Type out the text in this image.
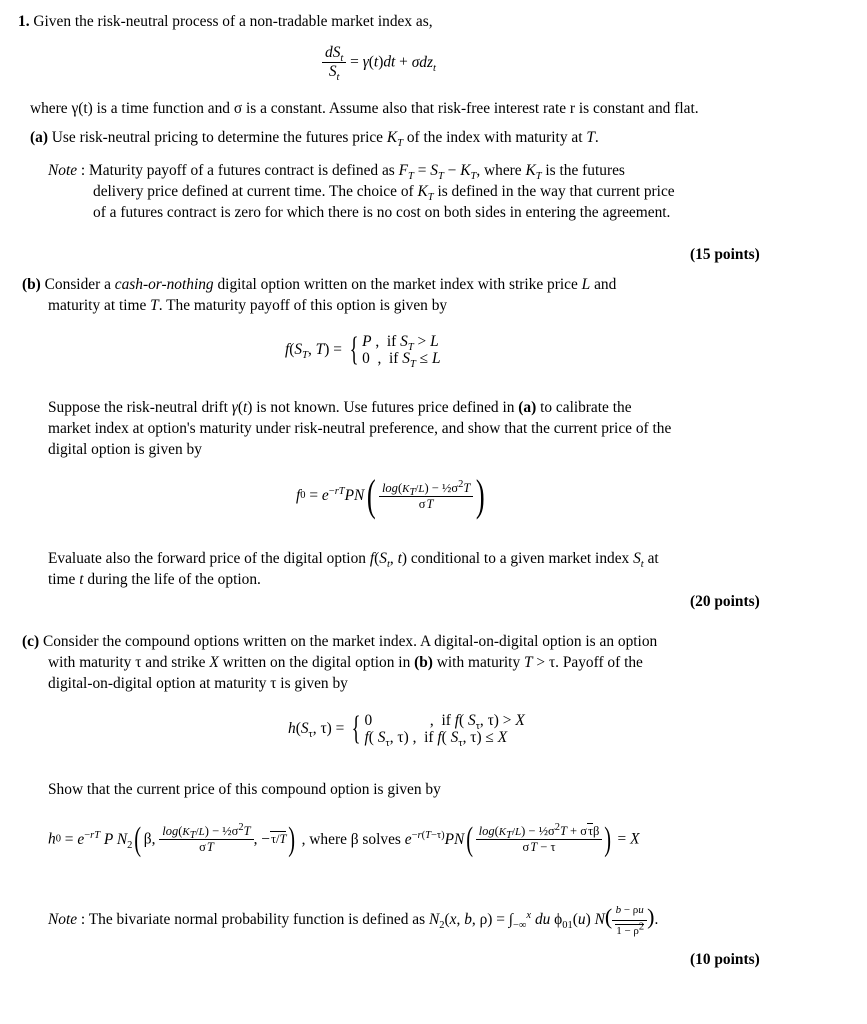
1. Given the risk-neutral process of a non-tradable market index as,
$\frac{dS_t}{S_t} = \gamma(t)dt + \sigma dz_t$
where γ(t) is a time function and σ is a constant. Assume also that risk-free interest rate r is constant and flat.
(a) Use risk-neutral pricing to determine the futures price $K_T$ of the index with maturity at T.
Note : Maturity payoff of a futures contract is defined as $F_T = S_T - K_T$, where $K_T$ is the futures
delivery price defined at current time. The choice of $K_T$ is defined in the way that current price
of a futures contract is zero for which there is no cost on both sides in entering the agreement.
(15 points)
(b) Consider a cash-or-nothing digital option written on the market index with strike price L and
maturity at time T. The maturity payoff of this option is given by
$f(S_T$, T) = { P ,  if $S_T > L$
0  ,  if $S_T \le L$
Suppose the risk-neutral drift γ(t) is not known. Use futures price defined in (a) to calibrate the
market index at option's maturity under risk-neutral preference, and show that the current price of the
digital option is given by
$f0 = e^{-rT}PN( \frac{\log(K_T/L) - \frac{1}{2}\sigma^2T}{\sigma T}$ )
Evaluate also the forward price of the digital option $f(S_t$, t) conditional to a given market index $S_t$ at
time t during the life of the option.
(20 points)
(c) Consider the compound options written on the market index. A digital-on-digital option is an option
with maturity τ and strike X written on the digital option in (b) with maturity T > τ. Payoff of the
digital-on-digital option at maturity τ is given by
$h(S_\tau$, τ) = { 0               ,  if f( $S_\tau$, τ) > X
f( $S_\tau$, τ) ,  if f( $S_\tau$, τ) ≤ X
Show that the current price of this compound option is given by
$h0 = e^{-rT}$ P $N_2$( β, $\frac{\log(K_T/L) - \frac{1}{2}\sigma^2T}{\sigma T}$ , −τ/T) , where β solves $e^{-r(T-\tau)}PN( \frac{\log(K_T/L) - \frac{1}{2}\sigma^2T + \sigma\tau\beta}{\sigma T - \tau}$ ) = X
Note : The bivariate normal probability function is defined as $N_2(x$, b, $\rho) = \int_{-\infty}^x$ du $\phi_{01}(u)$ $N( \frac{b - \rho u}{1 - \rho^2}$ ).
(10 points)
